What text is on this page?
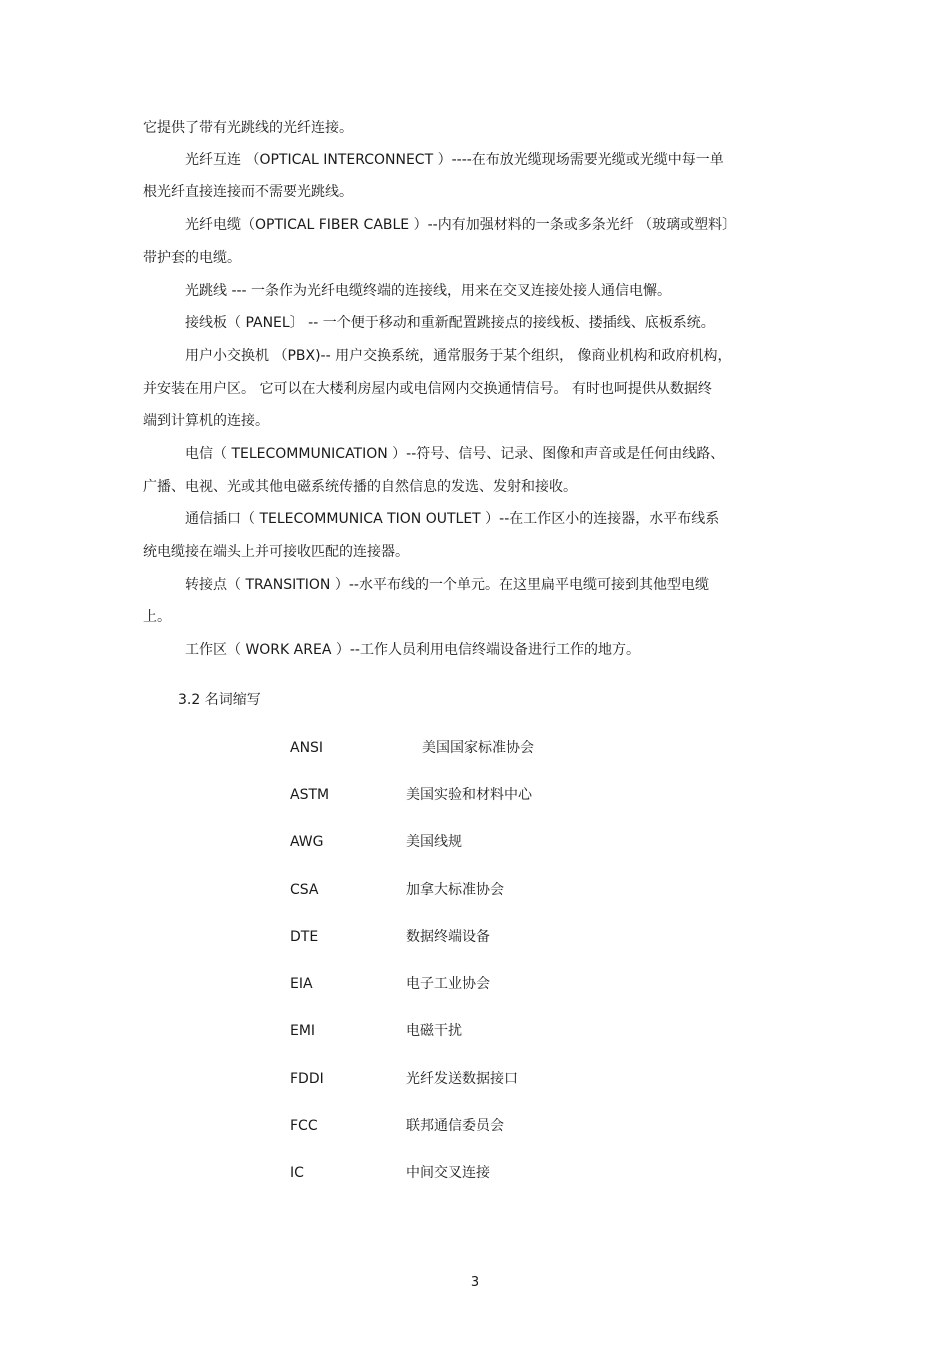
它提供了带有光跳线的光纤连接。
光纤互连 （OPTICAL INTERCONNECT ）----在布放光缆现场需要光缆或光缆中每一单
根光纤直接连接而不需要光跳线。
光纤电缆（OPTICAL FIBER CABLE ）--内有加强材料的一条或多条光纤 （玻璃或塑料〕
带护套的电缆。
光跳线 --- 一条作为光纤电缆终端的连接线，用来在交叉连接处接人通信电懈。
接线板（ PANEL〕 -- 一个便于移动和重新配置跳接点的接线板、搂插线、底板系统。
用户小交换机 （PBX)-- 用户交换系统，通常服务于某个组织， 像商业机构和政府机构，
并安装在用户区。 它可以在大楼利房屋内或电信网内交换通情信号。 有时也呵提供从数据终
端到计算机的连接。
电信（ TELECOMMUNICATION ）--符号、信号、记录、图像和声音或是任何由线路、
广播、电视、光或其他电磁系统传播的自然信息的发选、发射和接收。
通信插口（ TELECOMMUNICA TION OUTLET ）--在工作区小的连接器，水平布线系
统电缆接在端头上并可接收匹配的连接器。
转接点（ TRANSITION ）--水平布线的一个单元。在这里扁平电缆可接到其他型电缆
上。
工作区（ WORK AREA ）--工作人员利用电信终端设备进行工作的地方。
3.2 名词缩写
ANSI	美国国家标准协会
ASTM	美国实验和材料中心
AWG	美国线规
CSA	加拿大标准协会
DTE	数据终端设备
EIA	电子工业协会
EMI	电磁干扰
FDDI	光纤发送数据接口
FCC	联邦通信委员会
IC	中间交叉连接
3
